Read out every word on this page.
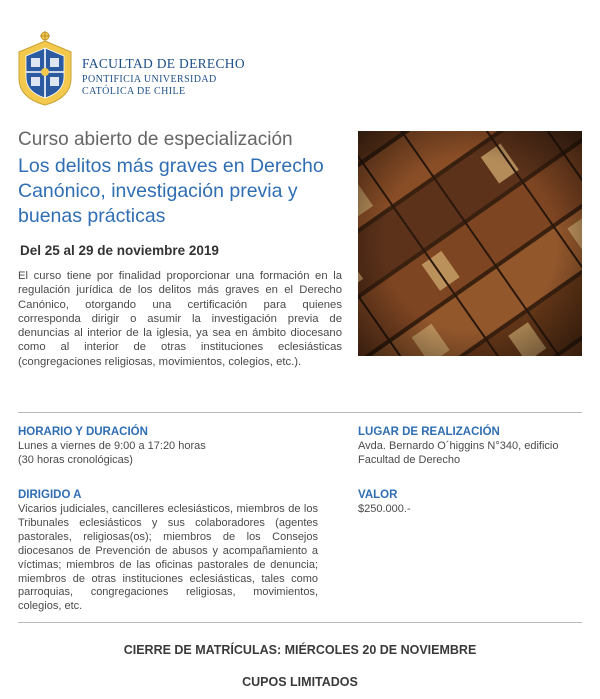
FACULTAD DE DERECHO
PONTIFICIA UNIVERSIDAD
CATÓLICA DE CHILE
Curso abierto de especialización
Los delitos más graves en Derecho Canónico, investigación previa y buenas prácticas
Del 25 al 29 de noviembre 2019
El curso tiene por finalidad proporcionar una formación en la regulación jurídica de los delitos más graves en el Derecho Canónico, otorgando una certificación para quienes corresponda dirigir o asumir la investigación previa de denuncias al interior de la iglesia, ya sea en ámbito diocesano como al interior de otras instituciones eclesiásticas (congregaciones religiosas, movimientos, colegios, etc.).
HORARIO Y DURACIÓN
Lunes a viernes de 9:00 a 17:20 horas
(30 horas cronológicas)
DIRIGIDO A
Vicarios judiciales, cancilleres eclesiásticos, miembros de los Tribunales eclesiásticos y sus colaboradores (agentes pastorales, religiosas(os); miembros de los Consejos diocesanos de Prevención de abusos y acompañamiento a víctimas; miembros de las oficinas pastorales de denuncia; miembros de otras instituciones eclesiásticas, tales como parroquias, congregaciones religiosas, movimientos, colegios, etc.
LUGAR DE REALIZACIÓN
Avda. Bernardo O´higgins N°340, edificio
Facultad de Derecho
VALOR
$250.000.-
CIERRE DE MATRÍCULAS: MIÉRCOLES 20 DE NOVIEMBRE
CUPOS LIMITADOS
